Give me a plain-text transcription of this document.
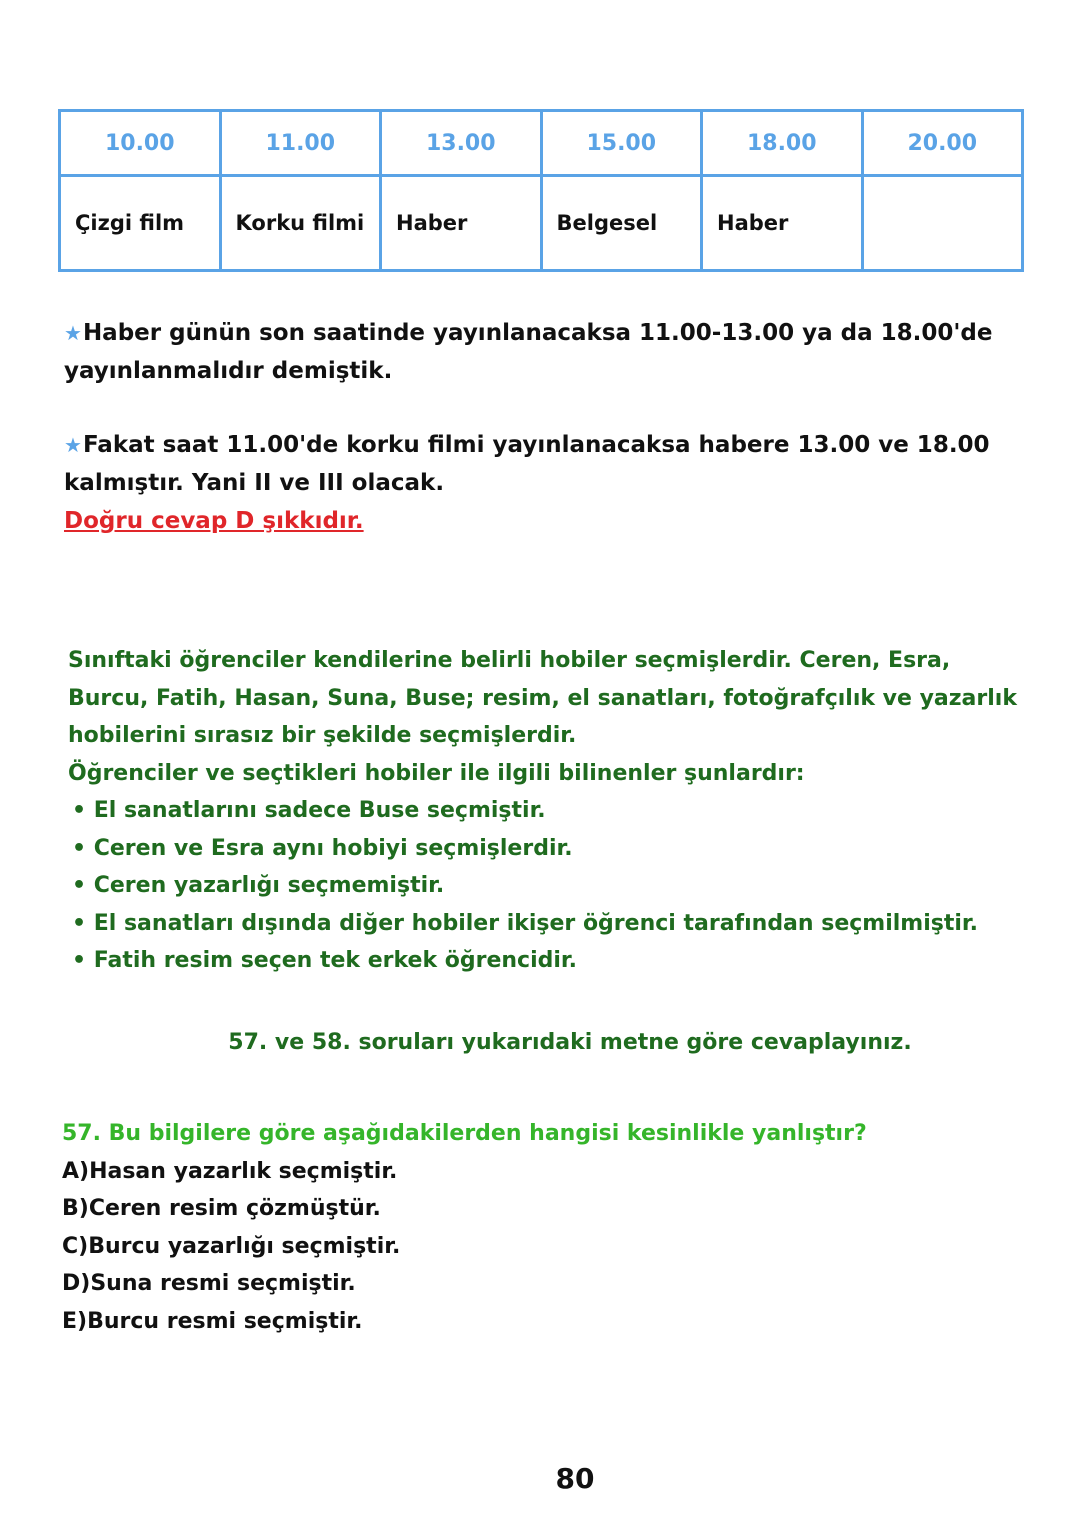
10.00	11.00	13.00	15.00	18.00	20.00
Çizgi film	Korku filmi	Haber	Belgesel	Haber	
★Haber günün son saatinde yayınlanacaksa 11.00-13.00 ya da 18.00'de
yayınlanmalıdır demiştik.
★Fakat saat 11.00'de korku filmi yayınlanacaksa habere 13.00 ve 18.00
kalmıştır. Yani II ve III olacak.
Doğru cevap D şıkkıdır.
Sınıftaki öğrenciler kendilerine belirli hobiler seçmişlerdir. Ceren, Esra,
Burcu, Fatih, Hasan, Suna, Buse; resim, el sanatları, fotoğrafçılık ve yazarlık
hobilerini sırasız bir şekilde seçmişlerdir.
Öğrenciler ve seçtikleri hobiler ile ilgili bilinenler şunlardır:
• El sanatlarını sadece Buse seçmiştir.
• Ceren ve Esra aynı hobiyi seçmişlerdir.
• Ceren yazarlığı seçmemiştir.
• El sanatları dışında diğer hobiler ikişer öğrenci tarafından seçmilmiştir.
• Fatih resim seçen tek erkek öğrencidir.
57. ve 58. soruları yukarıdaki metne göre cevaplayınız.
57. Bu bilgilere göre aşağıdakilerden hangisi kesinlikle yanlıştır?
A)Hasan yazarlık seçmiştir.
B)Ceren resim çözmüştür.
C)Burcu yazarlığı seçmiştir.
D)Suna resmi seçmiştir.
E)Burcu resmi seçmiştir.
80
